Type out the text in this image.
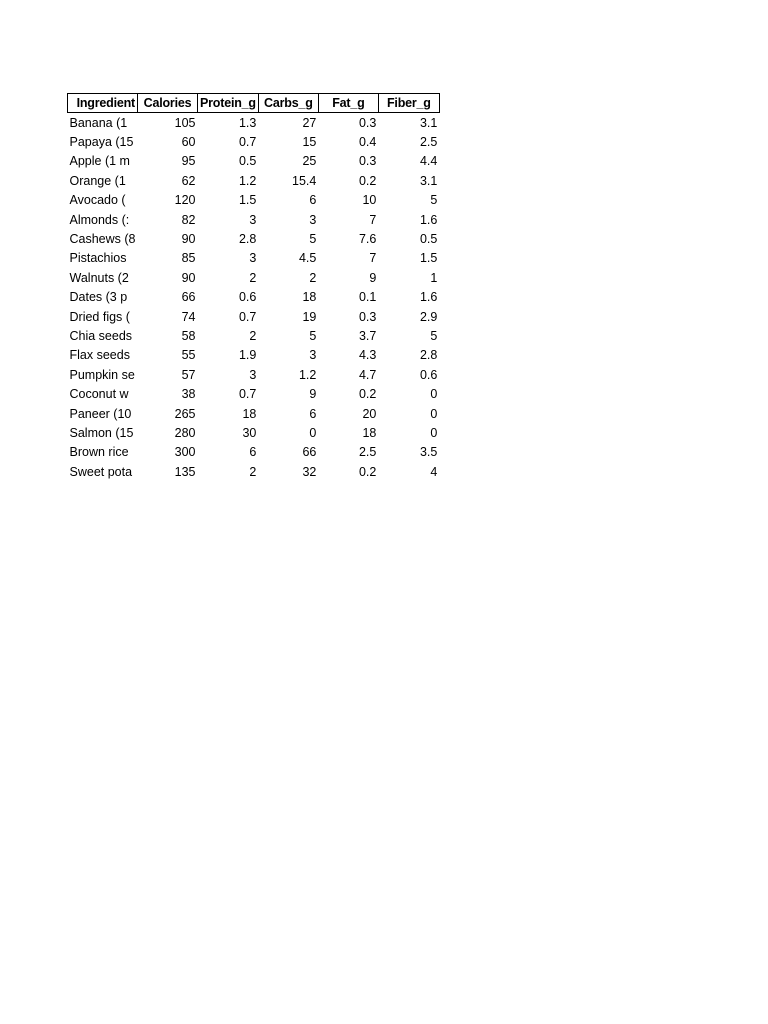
Ingredient	Calories	Protein_g	Carbs_g	Fat_g	Fiber_g
Banana (1	105	1.3	27	0.3	3.1
Papaya (15	60	0.7	15	0.4	2.5
Apple (1 m	95	0.5	25	0.3	4.4
Orange (1	62	1.2	15.4	0.2	3.1
Avocado (	120	1.5	6	10	5
Almonds (:	82	3	3	7	1.6
Cashews (8	90	2.8	5	7.6	0.5
Pistachios	85	3	4.5	7	1.5
Walnuts (2	90	2	2	9	1
Dates (3 p	66	0.6	18	0.1	1.6
Dried figs (	74	0.7	19	0.3	2.9
Chia seeds	58	2	5	3.7	5
Flax seeds	55	1.9	3	4.3	2.8
Pumpkin se	57	3	1.2	4.7	0.6
Coconut w	38	0.7	9	0.2	0
Paneer (10	265	18	6	20	0
Salmon (15	280	30	0	18	0
Brown rice	300	6	66	2.5	3.5
Sweet pota	135	2	32	0.2	4
